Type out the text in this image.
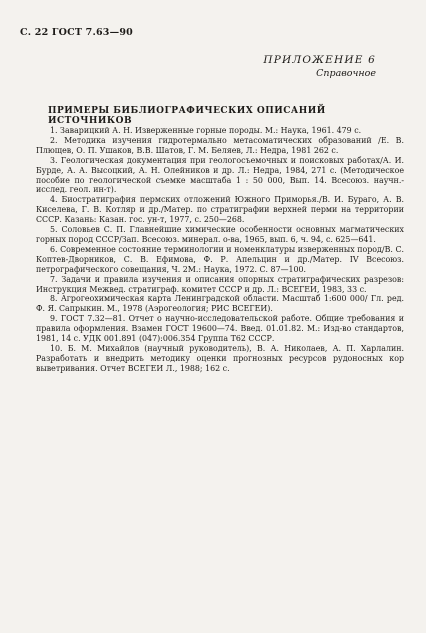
С. 22 ГОСТ 7.63—90
ПРИЛОЖЕНИЕ 6
Справочное
ПРИМЕРЫ БИБЛИОГРАФИЧЕСКИХ ОПИСАНИЙ ИСТОЧНИКОВ

1. Заварицкий А. Н. Изверженные горные породы. М.: Наука, 1961. 479 с.

2. Методика изучения гидротермально метасоматических образований /Е. В. Плющев, О. П. Ушаков, В.В. Шатов, Г. М. Беляев, Л.: Недра, 1981 262 с.

3. Геологическая документация при геологосъемочных и поисковых работах/А. И. Бурде, А. А. Высоцкий, А. Н. Олейников и др. Л.: Недра, 1984, 271 с. (Методическое пособие по геологической съемке масштаба 1 : 50 000, Вып. 14. Всесоюз. научн.-исслед. геол. ин-т).

4. Биостратиграфия пермских отложений Южного Приморья./В. И. Бураго, А. В. Киселева, Г. В. Котляр и др./Матер. по стратиграфии верхней перми на территории СССР. Казань: Казан. гос. ун-т, 1977, с. 250—268.

5. Соловьев С. П. Главнейшие химические особенности основных магматических горных пород СССР/Зап. Всесоюз. минерал. о-ва, 1965, вып. 6, ч. 94, с. 625—641.

6. Современное состояние терминологии и номенклатуры изверженных пород/В. С. Коптев-Дворников, С. В. Ефимова, Ф. Р. Апельцин и др./Матер. IV Всесоюз. петрографического совещания, Ч. 2М.: Наука, 1972. С. 87—100.

7. Задачи и правила изучения и описания опорных стратиграфических разрезов: Инструкция Межвед. стратиграф. комитет СССР и др. Л.: ВСЕГЕИ, 1983, 33 с.

8. Агрогеохимическая карта Ленинградской области. Масштаб 1:600 000/ Гл. ред. Ф. Я. Сапрыкин. М., 1978 (Аэрогеология; РИС ВСЕГЕИ).

9. ГОСТ 7.32—81. Отчет о научно-исследовательской работе. Общие требования и правила оформления. Взамен ГОСТ 19600—74. Введ. 01.01.82. М.: Изд-во стандартов, 1981, 14 с. УДК 001.891 (047):006.354 Группа Т62 СССР.

10. Б. М. Михайлов (научный руководитель), В. А. Николаев, А. П. Харлалин. Разработать и внедрить методику оценки прогнозных ресурсов рудоносных кор выветривания. Отчет ВСЕГЕИ Л., 1988; 162 с.
